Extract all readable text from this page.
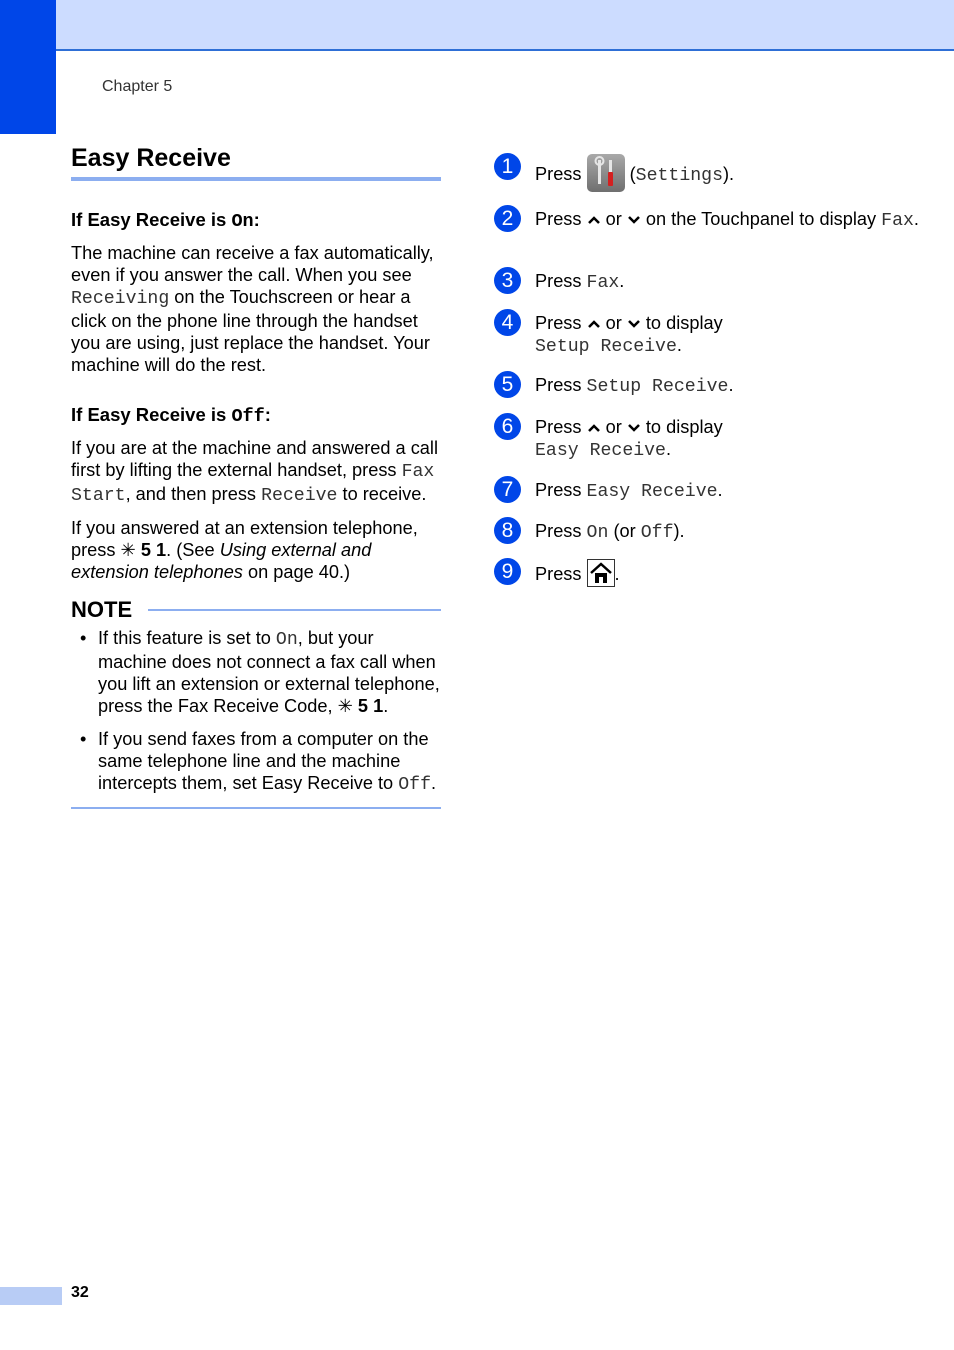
Chapter 5
Easy Receive
If Easy Receive is On:

The machine can receive a fax automatically, even if you answer the call. When you see Receiving on the Touchscreen or hear a click on the phone line through the handset you are using, just replace the handset. Your machine will do the rest.

If Easy Receive is Off:

If you are at the machine and answered a call first by lifting the external handset, press Fax Start, and then press Receive to receive.

If you answered at an extension telephone, press ✳ 5 1. (See Using external and extension telephones on page 40.)

NOTE
• If this feature is set to On, but your machine does not connect a fax call when you lift an extension or external telephone, press the Fax Receive Code, ✳ 5 1.
• If you send faxes from a computer on the same telephone line and the machine intercepts them, set Easy Receive to Off.
1	Press  (Settings).
2	Press  or  on the Touchpanel to display Fax.
3	Press Fax.
4	Press  or  to display
Setup Receive.
5	Press Setup Receive.
6	Press  or  to display
Easy Receive.
7	Press Easy Receive.
8	Press On (or Off).
9	Press .
32
